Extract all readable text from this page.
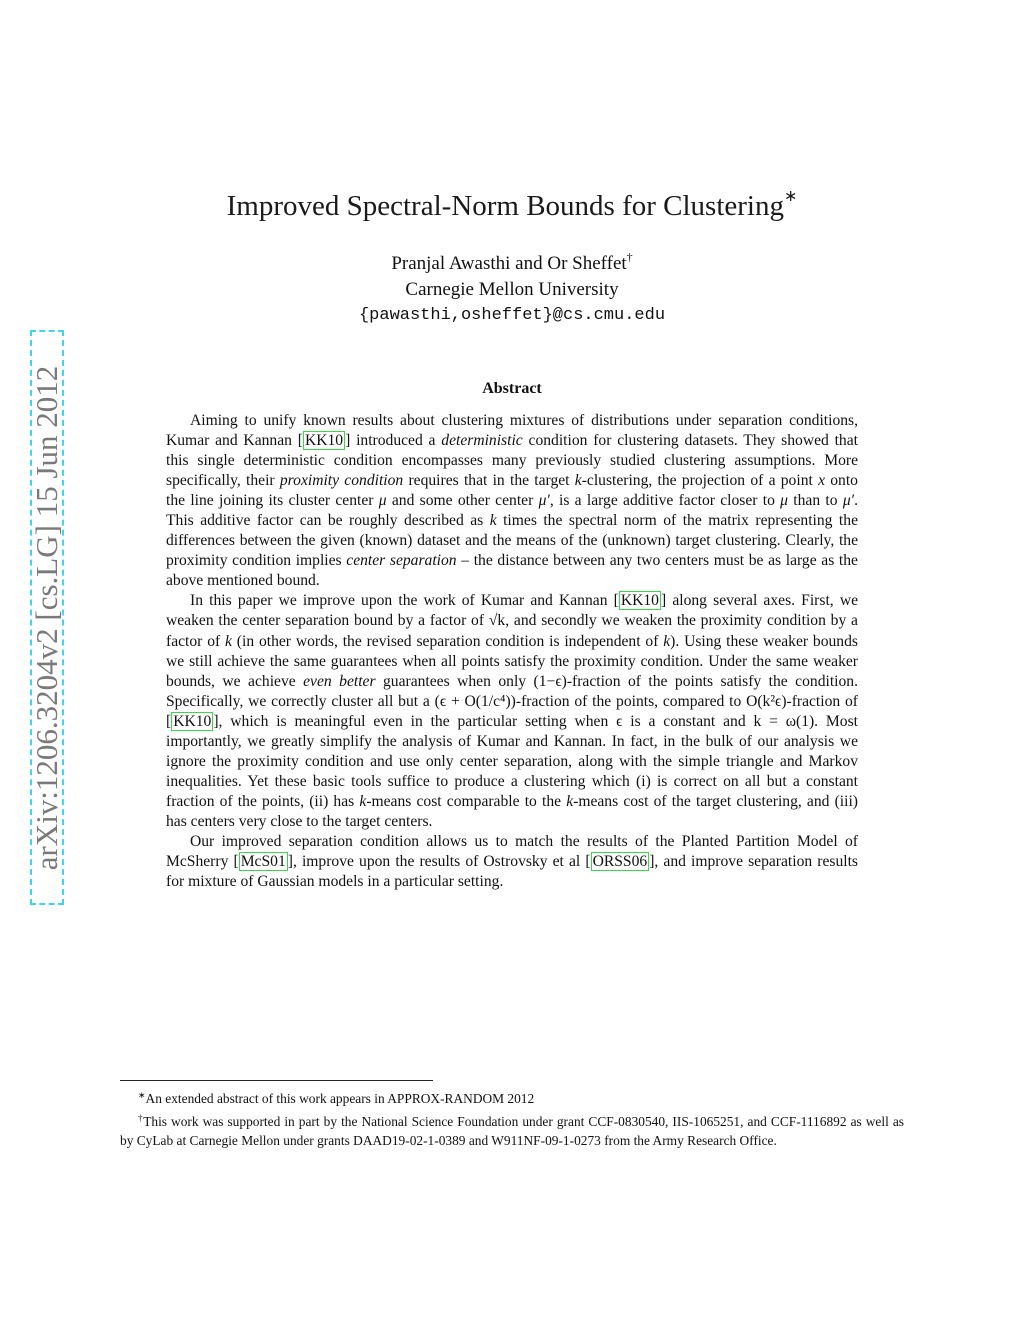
arXiv:1206.3204v2 [cs.LG] 15 Jun 2012
Improved Spectral-Norm Bounds for Clustering∗
Pranjal Awasthi and Or Sheffet†
Carnegie Mellon University
{pawasthi,osheffet}@cs.cmu.edu
Abstract

Aiming to unify known results about clustering mixtures of distributions under separation conditions, Kumar and Kannan [ KK10 ] introduced a deterministic condition for clustering datasets. They showed that this single deterministic condition encompasses many previously studied clustering assumptions. More specifically, their proximity condition requires that in the target k-clustering, the projection of a point x onto the line joining its cluster center μ and some other center μ′, is a large additive factor closer to μ than to μ′. This additive factor can be roughly described as k times the spectral norm of the matrix representing the differences between the given (known) dataset and the means of the (unknown) target clustering. Clearly, the proximity condition implies center separation – the distance between any two centers must be as large as the above mentioned bound.

In this paper we improve upon the work of Kumar and Kannan [ KK10 ] along several axes. First, we weaken the center separation bound by a factor of √k, and secondly we weaken the proximity condition by a factor of k (in other words, the revised separation condition is independent of k). Using these weaker bounds we still achieve the same guarantees when all points satisfy the proximity condition. Under the same weaker bounds, we achieve even better guarantees when only (1−ϵ)-fraction of the points satisfy the condition. Specifically, we correctly cluster all but a (ϵ + O(1/c⁴))-fraction of the points, compared to O(k²ϵ)-fraction of [ KK10 ], which is meaningful even in the particular setting when ϵ is a constant and k = ω(1). Most importantly, we greatly simplify the analysis of Kumar and Kannan. In fact, in the bulk of our analysis we ignore the proximity condition and use only center separation, along with the simple triangle and Markov inequalities. Yet these basic tools suffice to produce a clustering which (i) is correct on all but a constant fraction of the points, (ii) has k-means cost comparable to the k-means cost of the target clustering, and (iii) has centers very close to the target centers.

Our improved separation condition allows us to match the results of the Planted Partition Model of McSherry [ McS01 ], improve upon the results of Ostrovsky et al [ ORSS06 ], and improve separation results for mixture of Gaussian models in a particular setting.

∗An extended abstract of this work appears in APPROX-RANDOM 2012

†This work was supported in part by the National Science Foundation under grant CCF-0830540, IIS-1065251, and CCF-1116892 as well as by CyLab at Carnegie Mellon under grants DAAD19-02-1-0389 and W911NF-09-1-0273 from the Army Research Office.
